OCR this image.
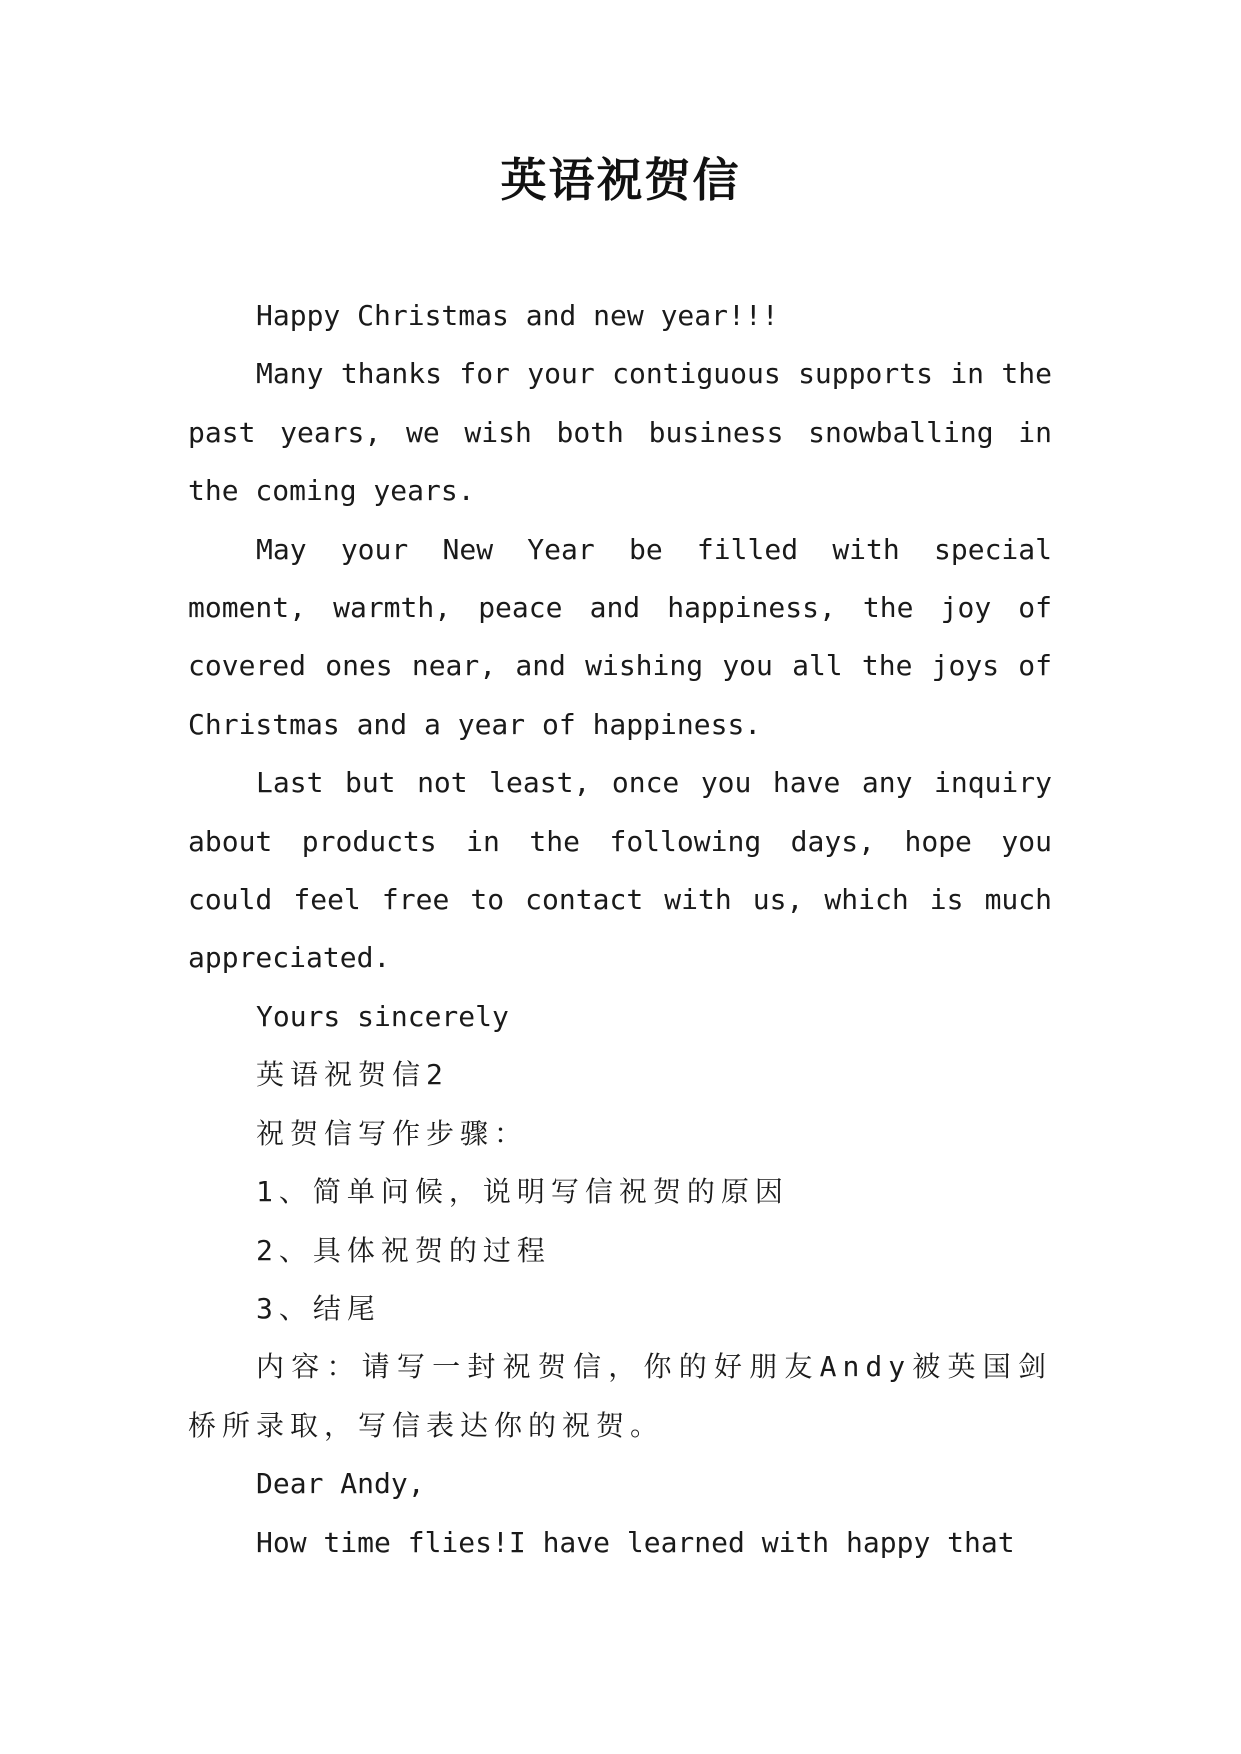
英语祝贺信

Happy Christmas and new year!!!

Many thanks for your contiguous supports in the past years, we wish both business snowballing in the coming years.

May your New Year be filled with special moment, warmth, peace and happiness, the joy of covered ones near, and wishing you all the joys of Christmas and a year of happiness.

Last but not least, once you have any inquiry about products in the following days, hope you could feel free to contact with us, which is much appreciated.

Yours sincerely

英语祝贺信2

祝贺信写作步骤：

1、简单问候，说明写信祝贺的原因

2、具体祝贺的过程

3、结尾

内容：请写一封祝贺信，你的好朋友Andy被英国剑桥所录取，写信表达你的祝贺。

Dear Andy,

How time flies!I have learned with happy that
